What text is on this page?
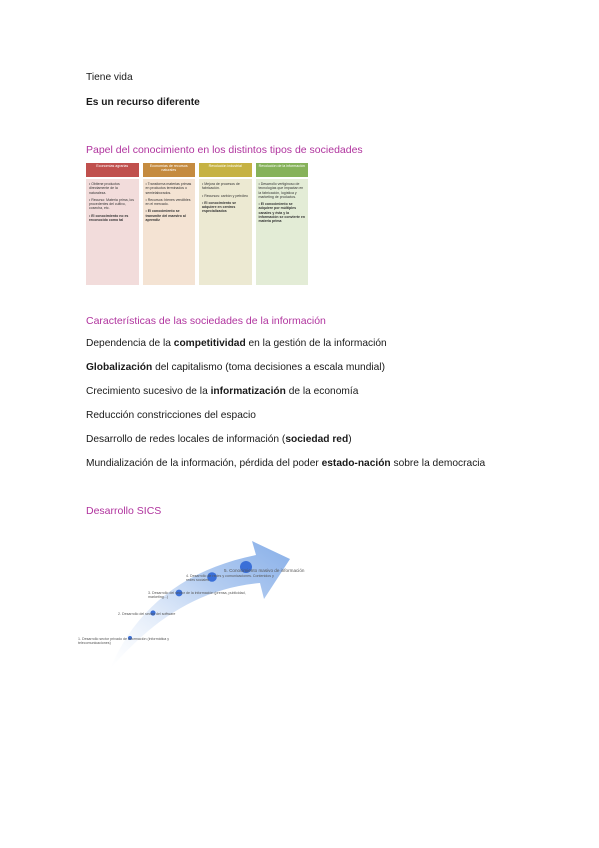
Tiene vida
Es un recurso diferente
Papel del conocimiento en los distintos tipos de sociedades
Economías agrarias

• Obtiene productos directamente de la naturaleza.

• Recurso: Materia prima, los procedentes del cultivo, cosecha, etc.

• El conocimiento no es reconocido como tal

Economías de recursos naturales

• Transforma materias primas en productos terminados o semielaborados.

• Recursos: bienes vendibles en el mercado.

• El conocimiento se transmite del maestro al aprendiz

Revolución industrial

• Mejora de procesos de fabricación.

• Recursos: carbón y petróleo

• El conocimiento se adquiere en centros especializados

Revolución de la información

• Desarrollo vertiginoso de tecnologías que impactan en la fabricación, logística y marketing de productos.

• El conocimiento se adquiere por múltiples canales y ésta y la información se convierte en materia prima

Características de las sociedades de la información
Dependencia de la competitividad en la gestión de la información
Globalización del capitalismo (toma decisiones a escala mundial)
Crecimiento sucesivo de la informatización de la economía
Reducción constricciones del espacio
Desarrollo de redes locales de información (sociedad red)
Mundialización de la información, pérdida del poder estado-nación sobre la democracia
Desarrollo SICS
1. Desarrollo sector privado de información (informática y telecomunicaciones)
2. Desarrollo del sector del software
3. Desarrollo del sector de la información (prensa, publicidad, marketing...)
4. Desarrollo de redes y comunicaciones. Contenidos y redes sociales
5. Conocimiento masivo de información
